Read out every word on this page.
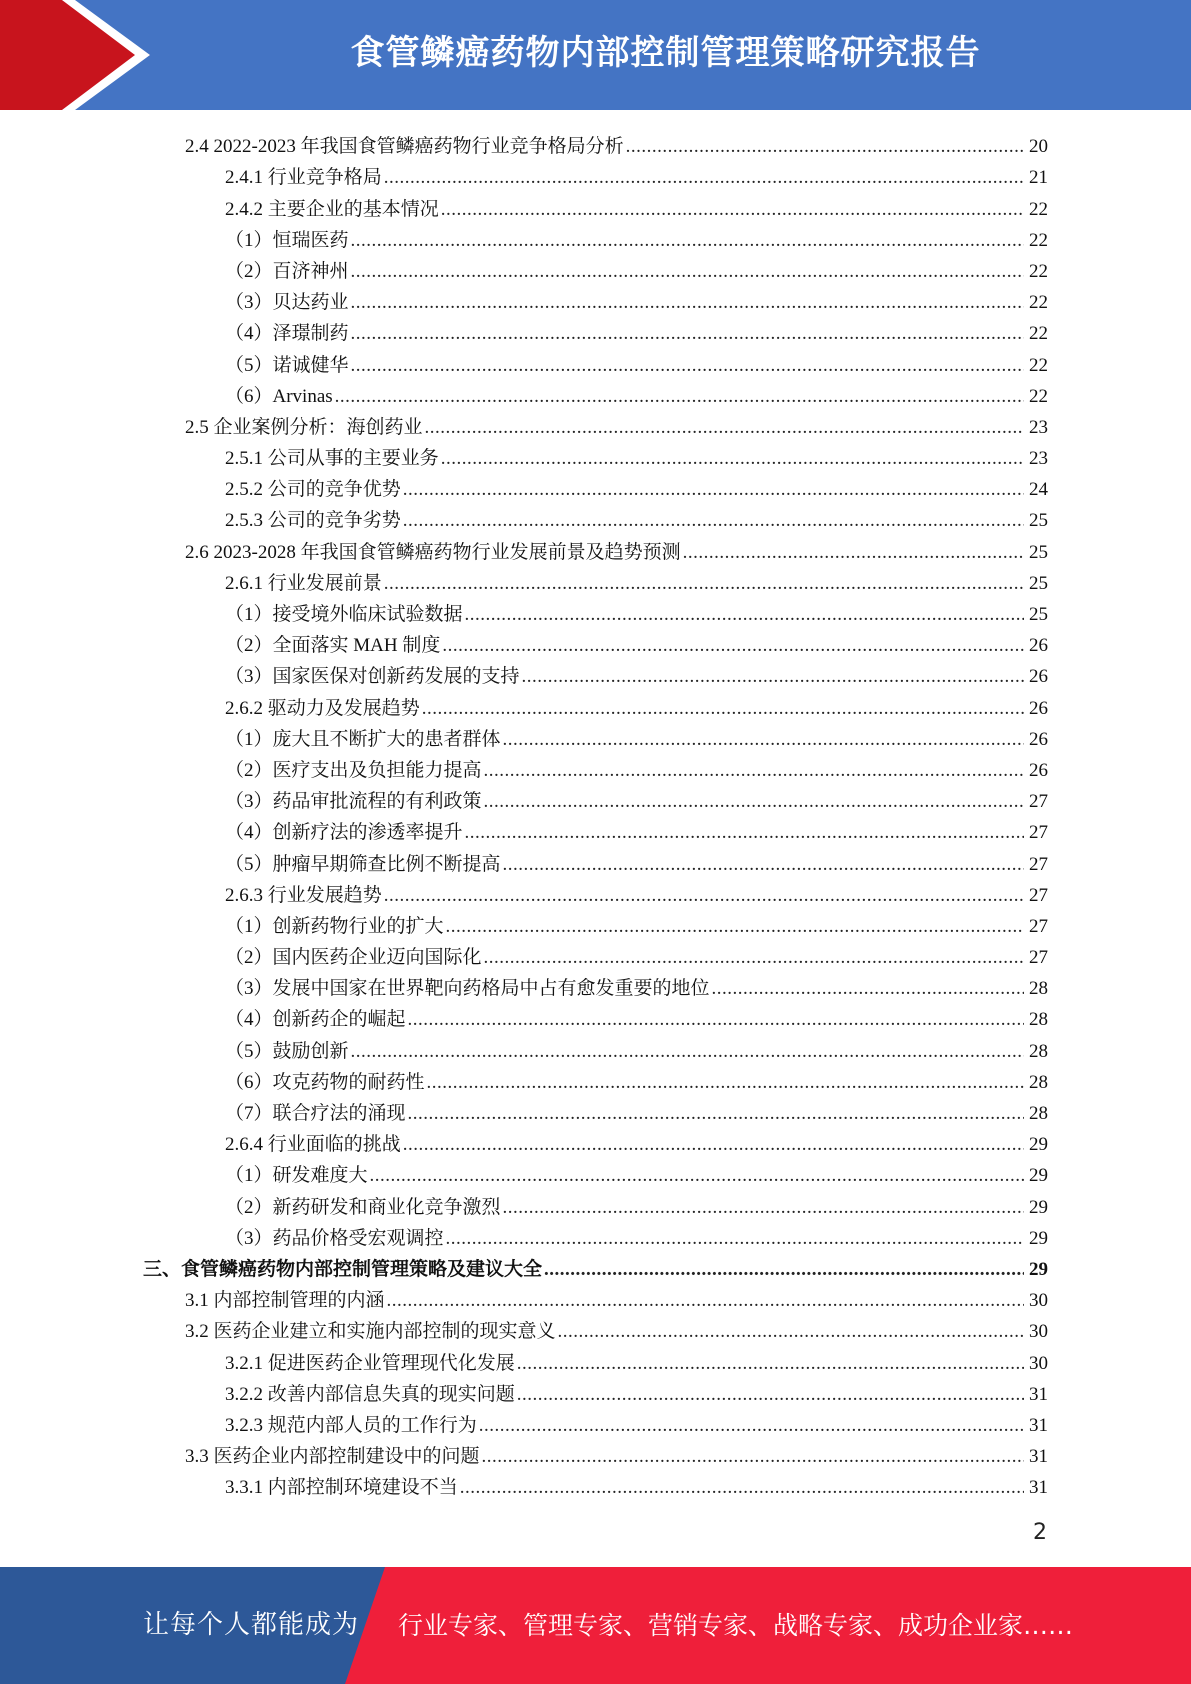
食管鳞癌药物内部控制管理策略研究报告
2.4 2022-2023 年我国食管鳞癌药物行业竞争格局分析 .....	20
2.4.1 行业竞争格局 .....	21
2.4.2 主要企业的基本情况 .....	22
（1）恒瑞医药 .....	22
（2）百济神州 .....	22
（3）贝达药业 .....	22
（4）泽璟制药 .....	22
（5）诺诚健华 .....	22
（6）Arvinas .....	22
2.5 企业案例分析：海创药业 .....	23
2.5.1 公司从事的主要业务 .....	23
2.5.2 公司的竞争优势 .....	24
2.5.3 公司的竞争劣势 .....	25
2.6 2023-2028 年我国食管鳞癌药物行业发展前景及趋势预测 .....	25
2.6.1 行业发展前景 .....	25
（1）接受境外临床试验数据 .....	25
（2）全面落实 MAH 制度 .....	26
（3）国家医保对创新药发展的支持 .....	26
2.6.2 驱动力及发展趋势 .....	26
（1）庞大且不断扩大的患者群体 .....	26
（2）医疗支出及负担能力提高 .....	26
（3）药品审批流程的有利政策 .....	27
（4）创新疗法的渗透率提升 .....	27
（5）肿瘤早期筛查比例不断提高 .....	27
2.6.3 行业发展趋势 .....	27
（1）创新药物行业的扩大 .....	27
（2）国内医药企业迈向国际化 .....	27
（3）发展中国家在世界靶向药格局中占有愈发重要的地位 .....	28
（4）创新药企的崛起 .....	28
（5）鼓励创新 .....	28
（6）攻克药物的耐药性 .....	28
（7）联合疗法的涌现 .....	28
2.6.4 行业面临的挑战 .....	29
（1）研发难度大 .....	29
（2）新药研发和商业化竞争激烈 .....	29
（3）药品价格受宏观调控 .....	29
三、食管鳞癌药物内部控制管理策略及建议大全 .....	29
3.1 内部控制管理的内涵 .....	30
3.2 医药企业建立和实施内部控制的现实意义 .....	30
3.2.1 促进医药企业管理现代化发展 .....	30
3.2.2 改善内部信息失真的现实问题 .....	31
3.2.3 规范内部人员的工作行为 .....	31
3.3 医药企业内部控制建设中的问题 .....	31
3.3.1 内部控制环境建设不当 .....	31
2
让每个人都能成为 行业专家、管理专家、营销专家、战略专家、成功企业家……
